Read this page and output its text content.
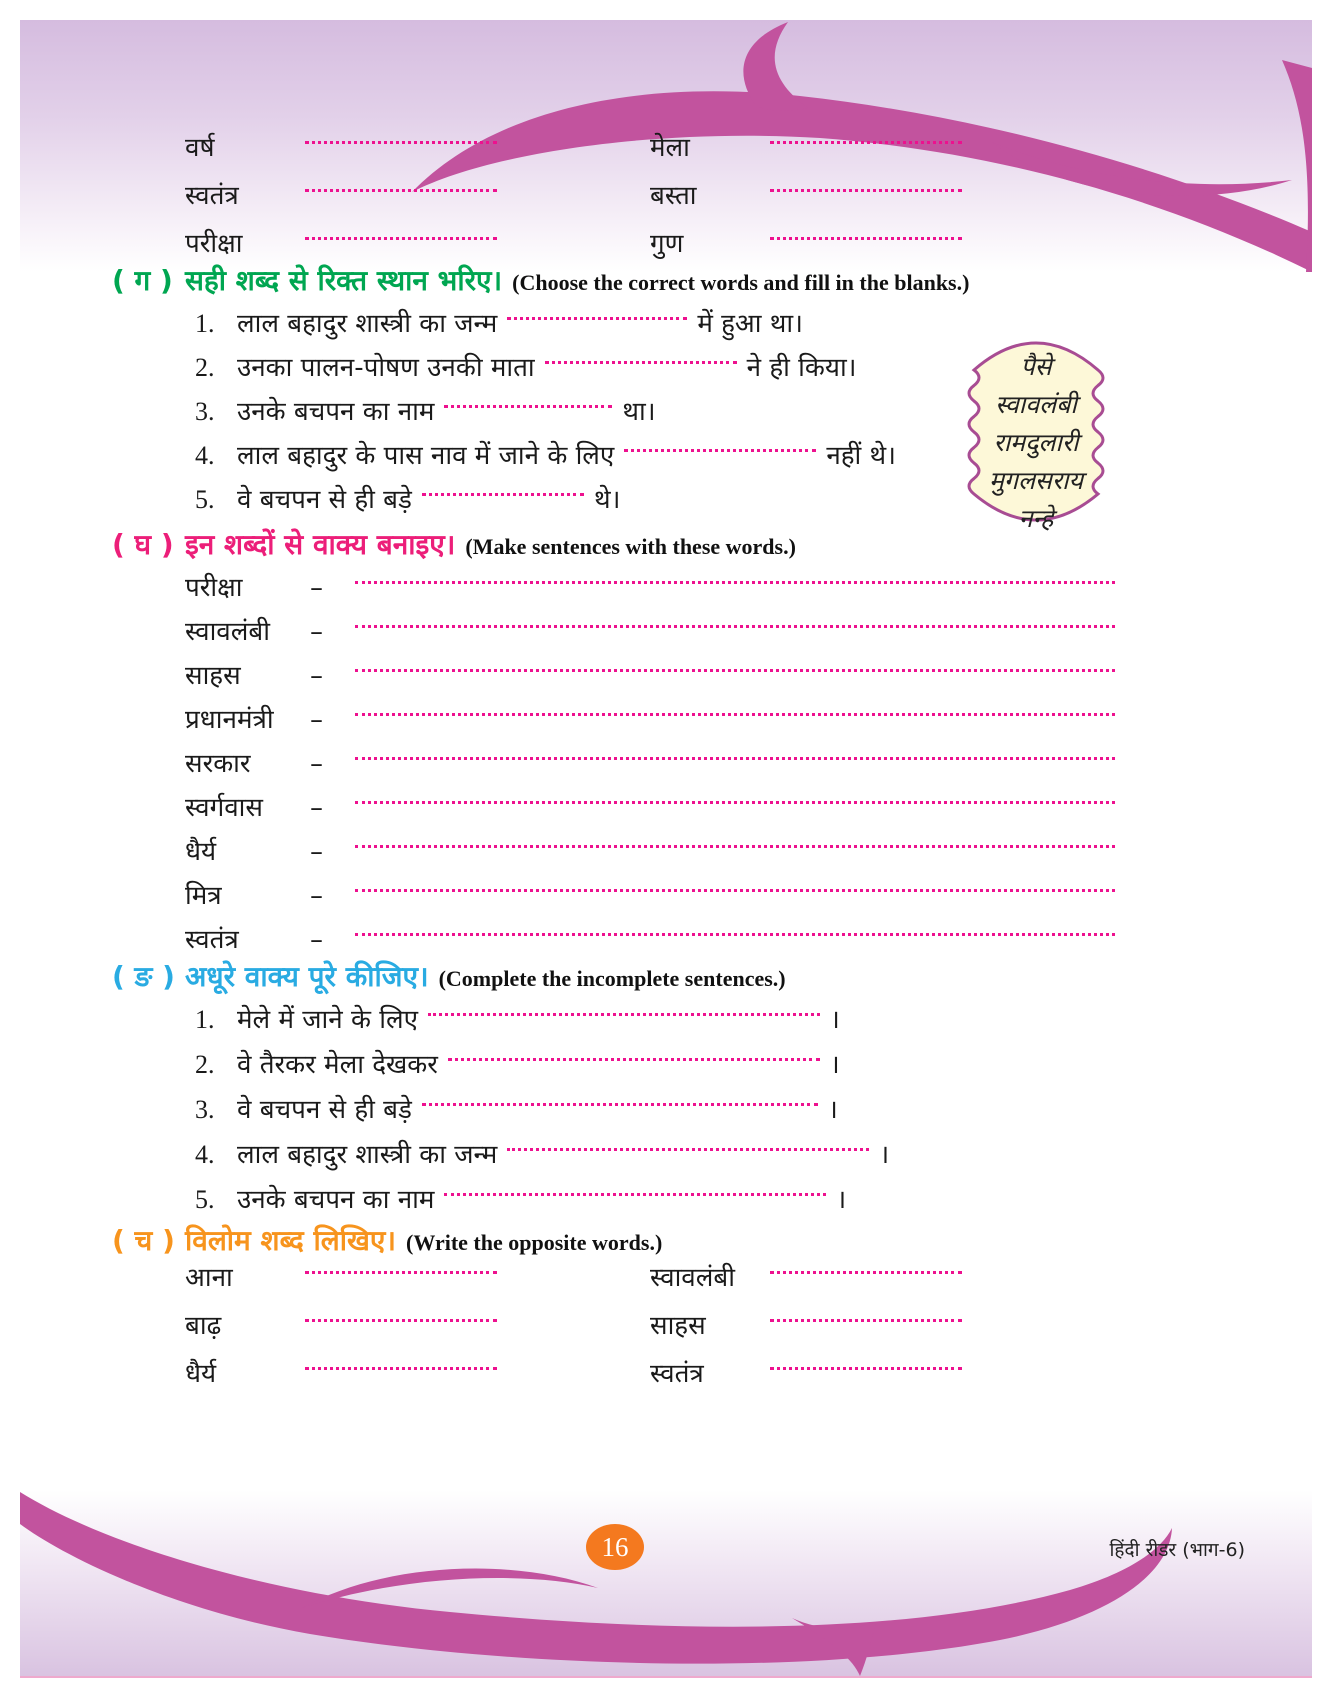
वर्ष	मेला
स्वतंत्र	बस्ता
परीक्षा	गुण
( ग ) सही शब्द से रिक्त स्थान भरिए। (Choose the correct words and fill in the blanks.)
1. लाल बहादुर शास्त्री का जन्म	में हुआ था।
2. उनका पालन-पोषण उनकी माता	ने ही किया।
3. उनके बचपन का नाम	था।
4. लाल बहादुर के पास नाव में जाने के लिए	नहीं थे।
5. वे बचपन से ही बड़े	थे।
पैसे
स्वावलंबी
रामदुलारी
मुगलसराय
नन्हे
( घ ) इन शब्दों से वाक्य बनाइए। (Make sentences with these words.)
परीक्षा	–
स्वावलंबी –
साहस	–
प्रधानमंत्री –
सरकार –
स्वर्गवास –
धैर्य	–
मित्र	–
स्वतंत्र	–
( ङ ) अधूरे वाक्य पूरे कीजिए। (Complete the incomplete sentences.)
1. मेले में जाने के लिए	।
2. वे तैरकर मेला देखकर	।
3. वे बचपन से ही बड़े	।
4. लाल बहादुर शास्त्री का जन्म	।
5. उनके बचपन का नाम	।
( च ) विलोम शब्द लिखिए। (Write the opposite words.)
आना	स्वावलंबी
बाढ़	साहस
धैर्य	स्वतंत्र
16	हिंदी रीडर (भाग-6)
